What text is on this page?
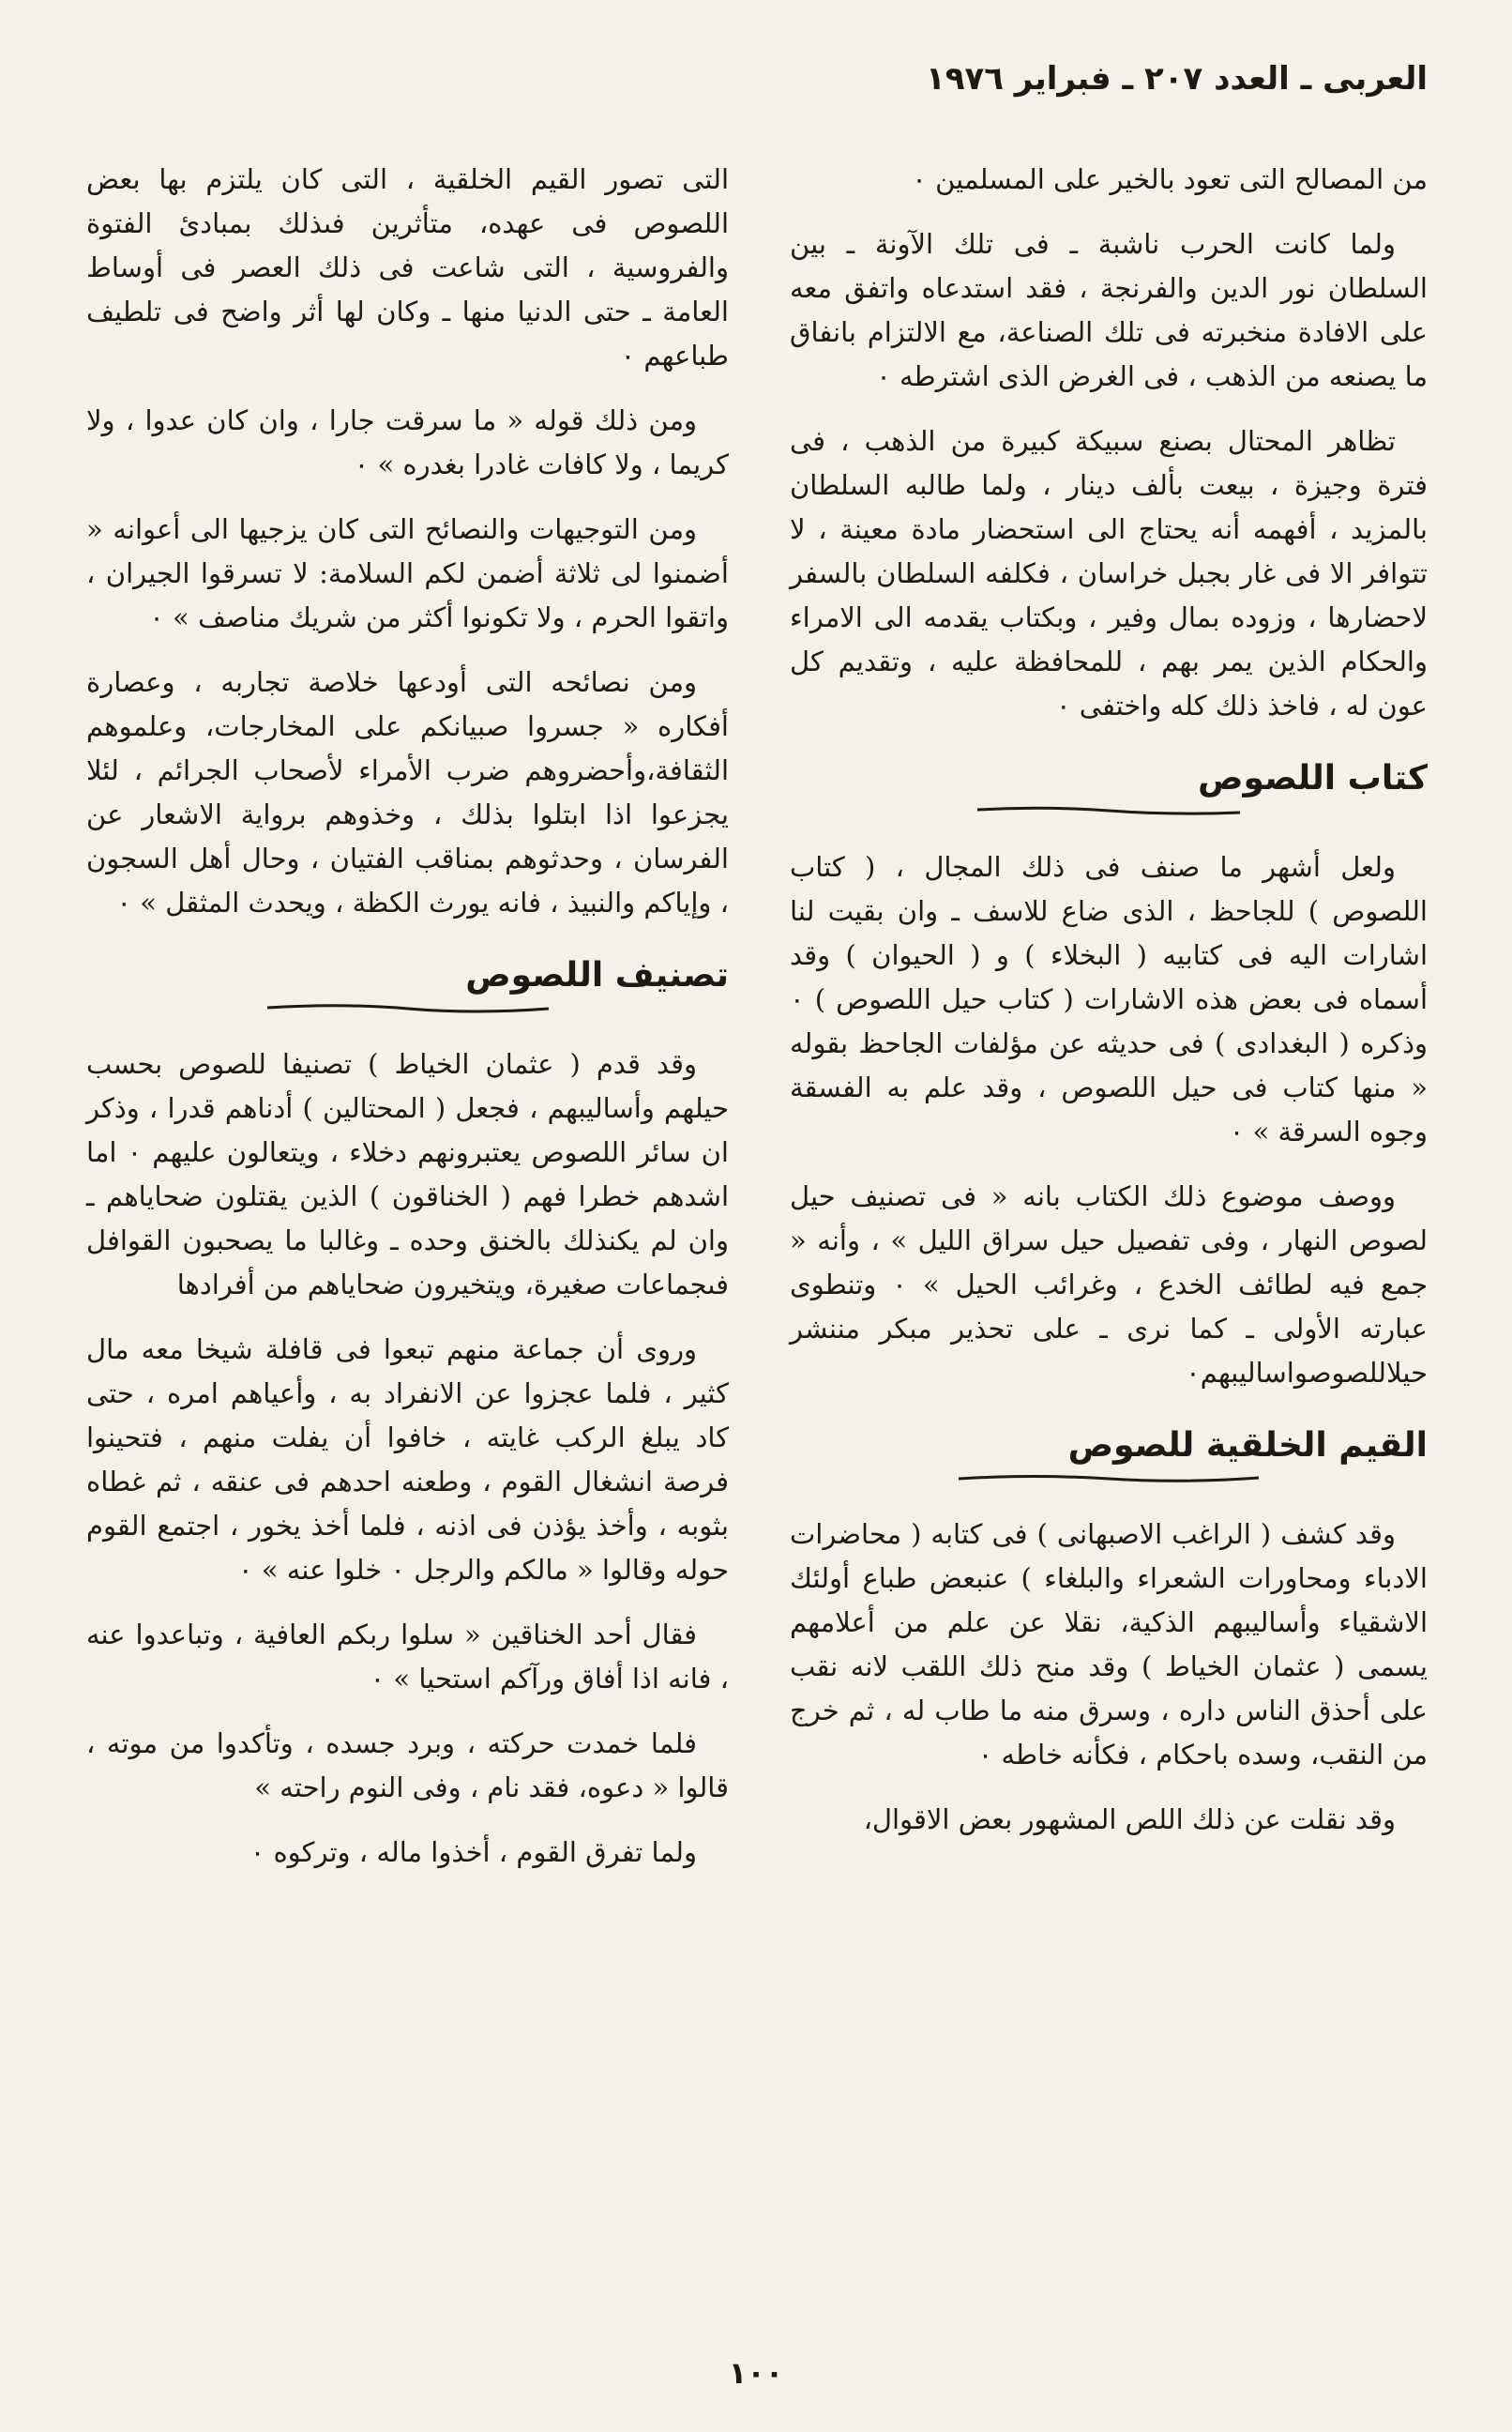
العربى ـ العدد ٢٠٧ ـ فبراير ١٩٧٦

من المصالح التى تعود بالخير على المسلمين ٠

ولما كانت الحرب ناشبة ـ فى تلك الآونة ـ بين السلطان نور الدين والفرنجة ، فقد استدعاه واتفق معه على الافادة منخبرته فى تلك الصناعة، مع الالتزام بانفاق ما يصنعه من الذهب ، فى الغرض الذى اشترطه ٠

تظاهر المحتال بصنع سبيكة كبيرة من الذهب ، فى فترة وجيزة ، بيعت بألف دينار ، ولما طالبه السلطان بالمزيد ، أفهمه أنه يحتاج الى استحضار مادة معينة ، لا تتوافر الا فى غار بجبل خراسان ، فكلفه السلطان بالسفر لاحضارها ، وزوده بمال وفير ، وبكتاب يقدمه الى الامراء والحكام الذين يمر بهم ، للمحافظة عليه ، وتقديم كل عون له ، فاخذ ذلك كله واختفى ٠

كتاب اللصوص

ولعل أشهر ما صنف فى ذلك المجال ، ( كتاب اللصوص ) للجاحظ ، الذى ضاع للاسف ـ وان بقيت لنا اشارات اليه فى كتابيه ( البخلاء ) و ( الحيوان ) وقد أسماه فى بعض هذه الاشارات ( كتاب حيل اللصوص ) ٠ وذكره ( البغدادى ) فى حديثه عن مؤلفات الجاحظ بقوله « منها كتاب فى حيل اللصوص ، وقد علم به الفسقة وجوه السرقة » ٠

ووصف موضوع ذلك الكتاب بانه « فى تصنيف حيل لصوص النهار ، وفى تفصيل حيل سراق الليل » ، وأنه « جمع فيه لطائف الخدع ، وغرائب الحيل » ٠ وتنطوى عبارته الأولى ـ كما نرى ـ على تحذير مبكر مننشر حيلاللصوصواساليبهم٠

القيم الخلقية للصوص

وقد كشف ( الراغب الاصبهانى ) فى كتابه ( محاضرات الادباء ومحاورات الشعراء والبلغاء ) عنبعض طباع أولئك الاشقياء وأساليبهم الذكية، نقلا عن علم من أعلامهم يسمى ( عثمان الخياط ) وقد منح ذلك اللقب لانه نقب على أحذق الناس داره ، وسرق منه ما طاب له ، ثم خرج من النقب، وسده باحكام ، فكأنه خاطه ٠

وقد نقلت عن ذلك اللص المشهور بعض الاقوال،

التى تصور القيم الخلقية ، التى كان يلتزم بها بعض اللصوص فى عهده، متأثرين فىذلك بمبادئ الفتوة والفروسية ، التى شاعت فى ذلك العصر فى أوساط العامة ـ حتى الدنيا منها ـ وكان لها أثر واضح فى تلطيف طباعهم ٠

ومن ذلك قوله « ما سرقت جارا ، وان كان عدوا ، ولا كريما ، ولا كافات غادرا بغدره » ٠

ومن التوجيهات والنصائح التى كان يزجيها الى أعوانه « أضمنوا لى ثلاثة أضمن لكم السلامة: لا تسرقوا الجيران ، واتقوا الحرم ، ولا تكونوا أكثر من شريك مناصف » ٠

ومن نصائحه التى أودعها خلاصة تجاربه ، وعصارة أفكاره « جسروا صبيانكم على المخارجات، وعلموهم الثقافة،وأحضروهم ضرب الأمراء لأصحاب الجرائم ، لئلا يجزعوا اذا ابتلوا بذلك ، وخذوهم برواية الاشعار عن الفرسان ، وحدثوهم بمناقب الفتيان ، وحال أهل السجون ، وإياكم والنبيذ ، فانه يورث الكظة ، ويحدث المثقل » ٠

تصنيف اللصوص

وقد قدم ( عثمان الخياط ) تصنيفا للصوص بحسب حيلهم وأساليبهم ، فجعل ( المحتالين ) أدناهم قدرا ، وذكر ان سائر اللصوص يعتبرونهم دخلاء ، ويتعالون عليهم ٠ اما اشدهم خطرا فهم ( الخناقون ) الذين يقتلون ضحاياهم ـ وان لم يكنذلك بالخنق وحده ـ وغالبا ما يصحبون القوافل فىجماعات صغيرة، ويتخيرون ضحاياهم من أفرادها

وروى أن جماعة منهم تبعوا فى قافلة شيخا معه مال كثير ، فلما عجزوا عن الانفراد به ، وأعياهم امره ، حتى كاد يبلغ الركب غايته ، خافوا أن يفلت منهم ، فتحينوا فرصة انشغال القوم ، وطعنه احدهم فى عنقه ، ثم غطاه بثوبه ، وأخذ يؤذن فى اذنه ، فلما أخذ يخور ، اجتمع القوم حوله وقالوا « مالكم والرجل ٠ خلوا عنه » ٠

فقال أحد الخناقين « سلوا ربكم العافية ، وتباعدوا عنه ، فانه اذا أفاق ورآكم استحيا » ٠

فلما خمدت حركته ، وبرد جسده ، وتأكدوا من موته ، قالوا « دعوه، فقد نام ، وفى النوم راحته »

ولما تفرق القوم ، أخذوا ماله ، وتركوه ٠

١٠٠
